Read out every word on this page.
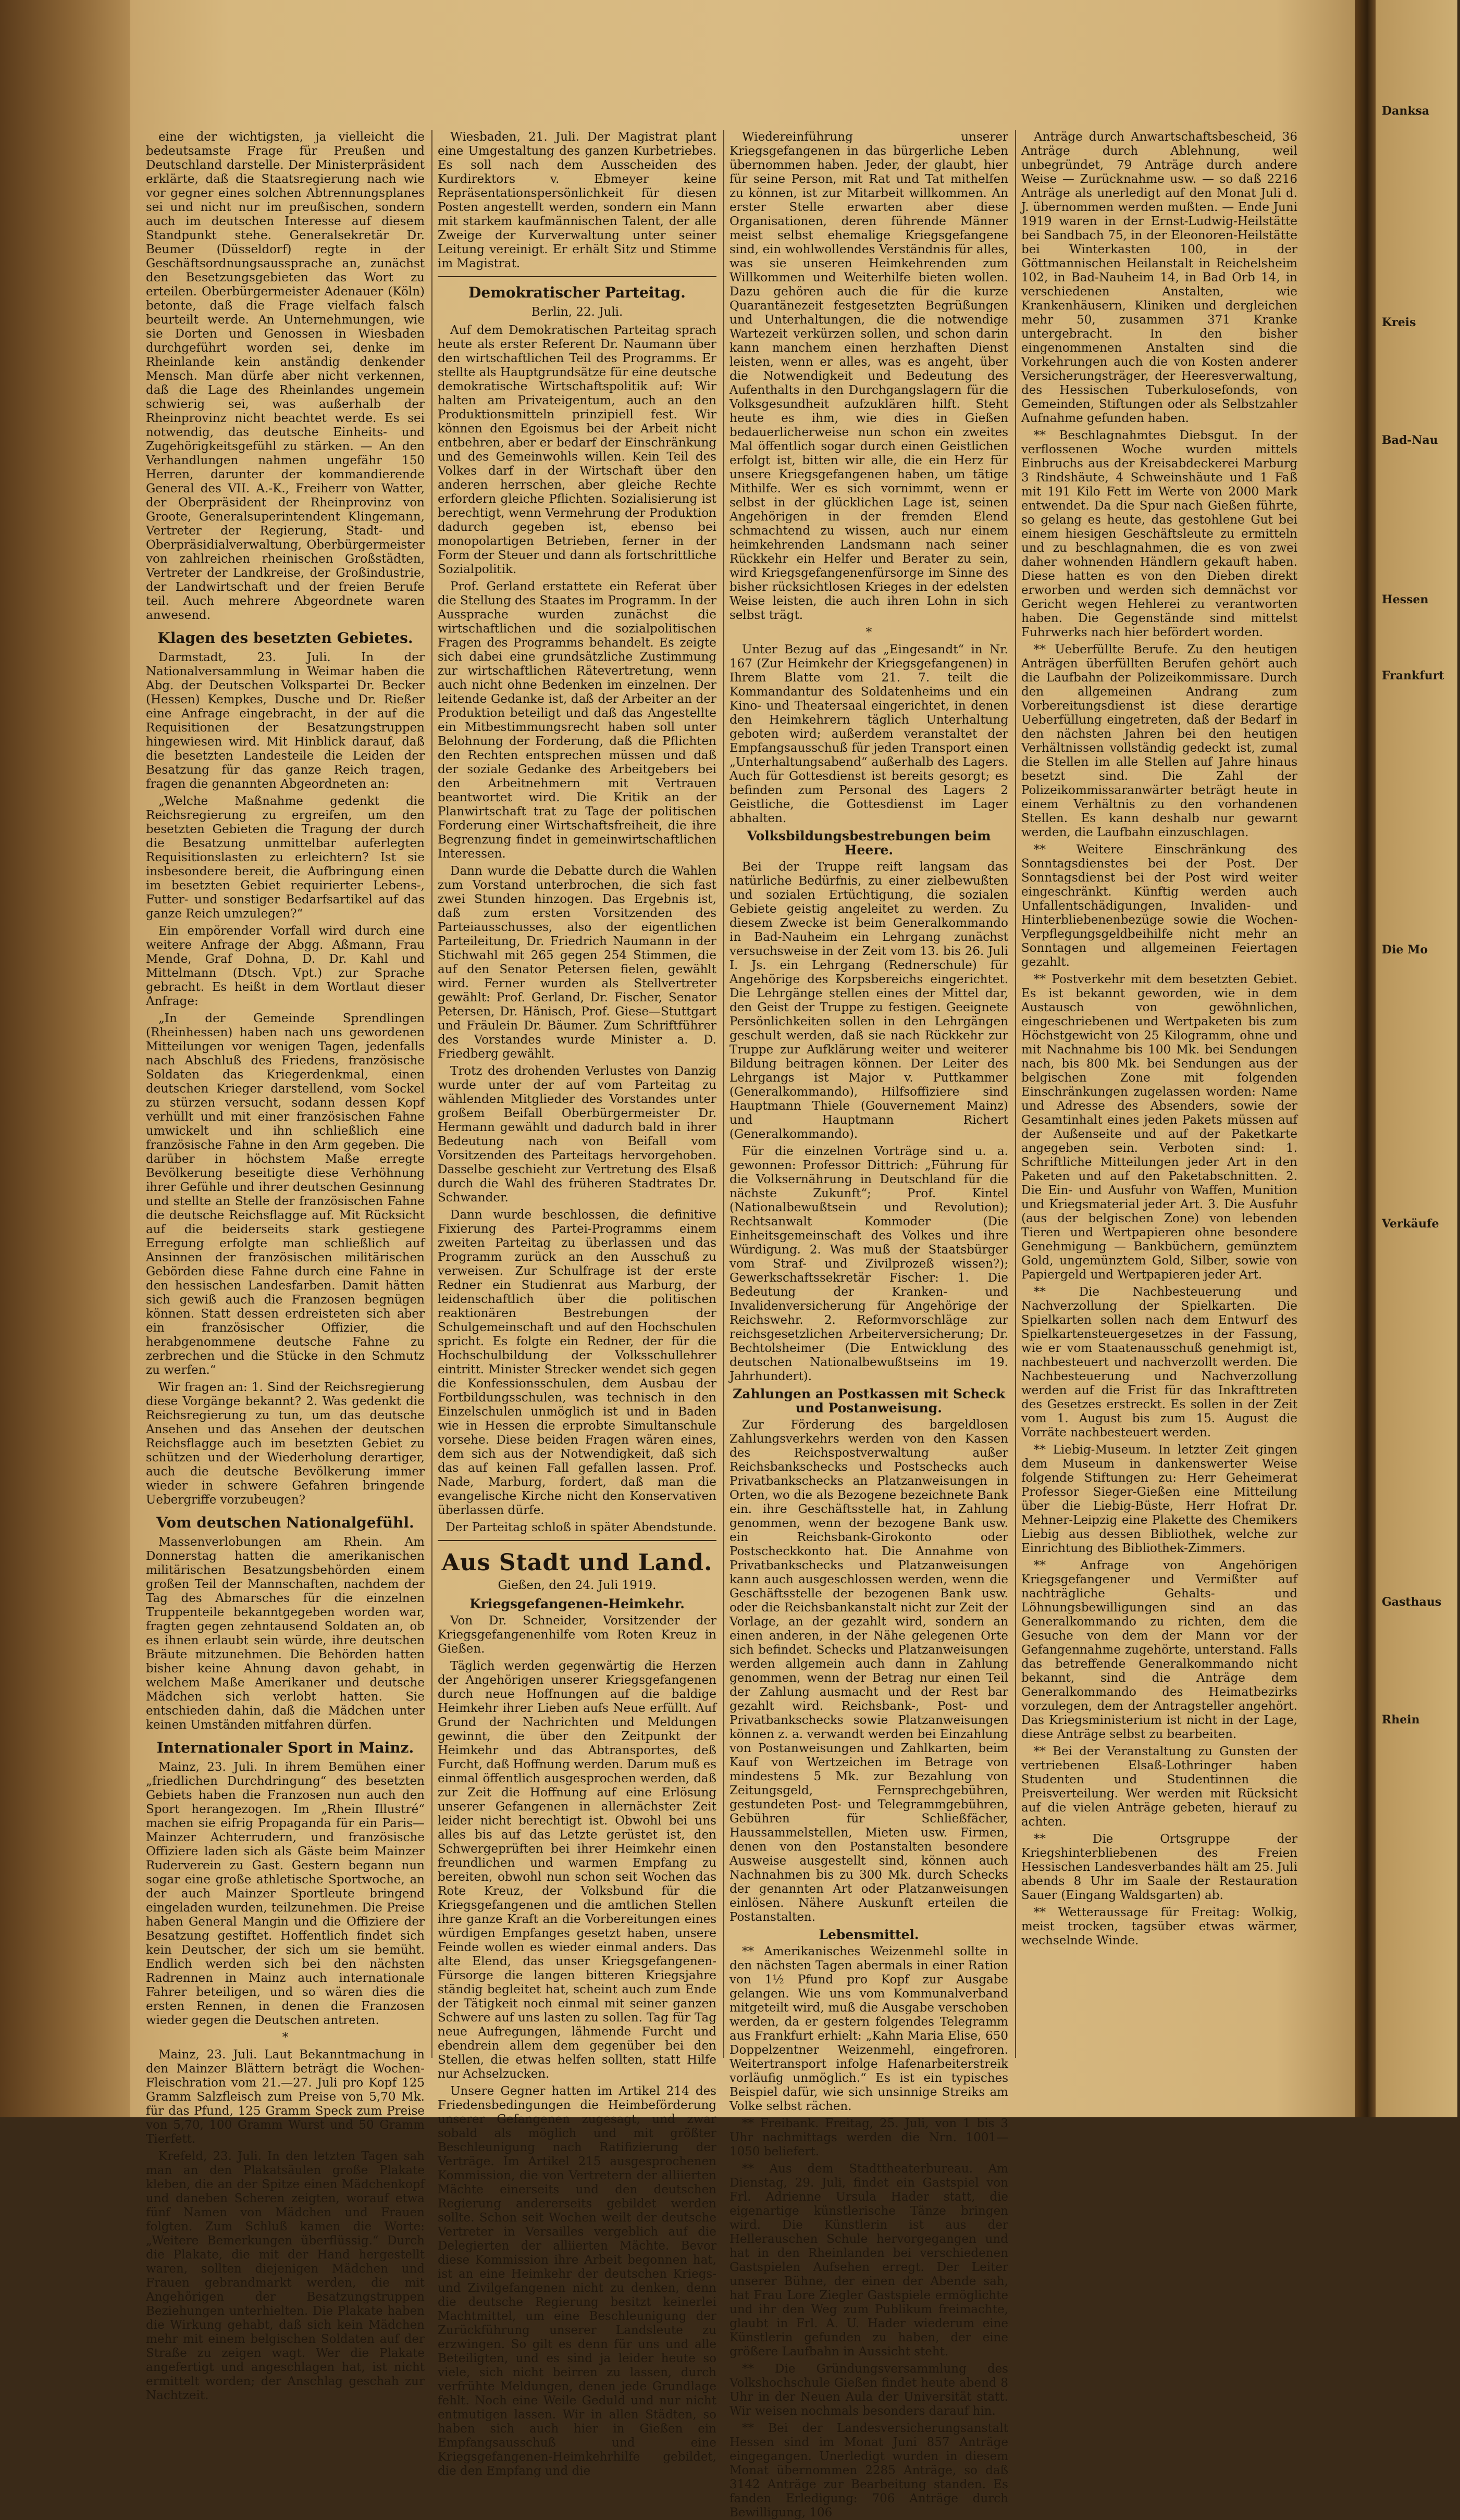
eine der wichtigsten, ja vielleicht die bedeutsamste Frage für Preußen und Deutschland darstelle. Der Ministerpräsident erklärte, daß die Staatsregierung nach wie vor gegner eines solchen Abtrennungsplanes sei und nicht nur im preußischen, sondern auch im deutschen Interesse auf diesem Standpunkt stehe. Generalsekretär Dr. Beumer (Düsseldorf) regte in der Geschäftsordnungsaussprache an, zunächst den Besetzungsgebieten das Wort zu erteilen. Oberbürgermeister Adenauer (Köln) betonte, daß die Frage vielfach falsch beurteilt werde. An Unternehmungen, wie sie Dorten und Genossen in Wiesbaden durchgeführt worden sei, denke im Rheinlande kein anständig denkender Mensch. Man dürfe aber nicht verkennen, daß die Lage des Rheinlandes ungemein schwierig sei, was außerhalb der Rheinprovinz nicht beachtet werde. Es sei notwendig, das deutsche Einheits- und Zugehörigkeitsgefühl zu stärken. — An den Verhandlungen nahmen ungefähr 150 Herren, darunter der kommandierende General des VII. A.-K., Freiherr von Watter, der Oberpräsident der Rheinprovinz von Groote, Generalsuperintendent Klingemann, Vertreter der Regierung, Stadt- und Oberpräsidialverwaltung, Oberbürgermeister von zahlreichen rheinischen Großstädten, Vertreter der Landkreise, der Großindustrie, der Landwirtschaft und der freien Berufe teil. Auch mehrere Abgeordnete waren anwesend.

Klagen des besetzten Gebietes.

Darmstadt, 23. Juli. In der Nationalversammlung in Weimar haben die Abg. der Deutschen Volkspartei Dr. Becker (Hessen) Kempkes, Dusche und Dr. Rießer eine Anfrage eingebracht, in der auf die Requisitionen der Besatzungstruppen hingewiesen wird. Mit Hinblick darauf, daß die besetzten Landesteile die Leiden der Besatzung für das ganze Reich tragen, fragen die genannten Abgeordneten an:

„Welche Maßnahme gedenkt die Reichsregierung zu ergreifen, um den besetzten Gebieten die Tragung der durch die Besatzung unmittelbar auferlegten Requisitionslasten zu erleichtern? Ist sie insbesondere bereit, die Aufbringung einen im besetzten Gebiet requirierter Lebens-, Futter- und sonstiger Bedarfsartikel auf das ganze Reich umzulegen?“

Ein empörender Vorfall wird durch eine weitere Anfrage der Abgg. Aßmann, Frau Mende, Graf Dohna, D. Dr. Kahl und Mittelmann (Dtsch. Vpt.) zur Sprache gebracht. Es heißt in dem Wortlaut dieser Anfrage:

„In der Gemeinde Sprendlingen (Rheinhessen) haben nach uns gewordenen Mitteilungen vor wenigen Tagen, jedenfalls nach Abschluß des Friedens, französische Soldaten das Kriegerdenkmal, einen deutschen Krieger darstellend, vom Sockel zu stürzen versucht, sodann dessen Kopf verhüllt und mit einer französischen Fahne umwickelt und ihn schließlich eine französische Fahne in den Arm gegeben. Die darüber in höchstem Maße erregte Bevölkerung beseitigte diese Verhöhnung ihrer Gefühle und ihrer deutschen Gesinnung und stellte an Stelle der französischen Fahne die deutsche Reichsflagge auf. Mit Rücksicht auf die beiderseits stark gestiegene Erregung erfolgte man schließlich auf Ansinnen der französischen militärischen Gebörden diese Fahne durch eine Fahne in den hessischen Landesfarben. Damit hätten sich gewiß auch die Franzosen begnügen können. Statt dessen erdreisteten sich aber ein französischer Offizier, die herabgenommene deutsche Fahne zu zerbrechen und die Stücke in den Schmutz zu werfen.“

Wir fragen an: 1. Sind der Reichsregierung diese Vorgänge bekannt? 2. Was gedenkt die Reichsregierung zu tun, um das deutsche Ansehen und das Ansehen der deutschen Reichsflagge auch im besetzten Gebiet zu schützen und der Wiederholung derartiger, auch die deutsche Bevölkerung immer wieder in schwere Gefahren bringende Uebergriffe vorzubeugen?

Vom deutschen Nationalgefühl.

Massenverlobungen am Rhein. Am Donnerstag hatten die amerikanischen militärischen Besatzungsbehörden einem großen Teil der Mannschaften, nachdem der Tag des Abmarsches für die einzelnen Truppenteile bekanntgegeben worden war, fragten gegen zehntausend Soldaten an, ob es ihnen erlaubt sein würde, ihre deutschen Bräute mitzunehmen. Die Behörden hatten bisher keine Ahnung davon gehabt, in welchem Maße Amerikaner und deutsche Mädchen sich verlobt hatten. Sie entschieden dahin, daß die Mädchen unter keinen Umständen mitfahren dürfen.

Internationaler Sport in Mainz.

Mainz, 23. Juli. In ihrem Bemühen einer „friedlichen Durchdringung“ des besetzten Gebiets haben die Franzosen nun auch den Sport herangezogen. Im „Rhein Illustré“ machen sie eifrig Propaganda für ein Paris—Mainzer Achterrudern, und französische Offiziere laden sich als Gäste beim Mainzer Ruderverein zu Gast. Gestern begann nun sogar eine große athletische Sportwoche, an der auch Mainzer Sportleute bringend eingeladen wurden, teilzunehmen. Die Preise haben General Mangin und die Offiziere der Besatzung gestiftet. Hoffentlich findet sich kein Deutscher, der sich um sie bemüht. Endlich werden sich bei den nächsten Radrennen in Mainz auch internationale Fahrer beteiligen, und so wären dies die ersten Rennen, in denen die Franzosen wieder gegen die Deutschen antreten.

*

Mainz, 23. Juli. Laut Bekanntmachung in den Mainzer Blättern beträgt die Wochen-Fleischration vom 21.—27. Juli pro Kopf 125 Gramm Salzfleisch zum Preise von 5,70 Mk. für das Pfund, 125 Gramm Speck zum Preise von 5,70, 100 Gramm Wurst und 50 Gramm Tierfett.

Krefeld, 23. Juli. In den letzten Tagen sah man an den Plakatsäulen große Plakate kleben, die an der Spitze einen Mädchenkopf und daneben Scheren zeigten, worauf etwa fünf Namen von Mädchen und Frauen folgten. Zum Schluß kamen die Worte: „Weitere Bemerkungen überflüssig.“ Durch die Plakate, die mit der Hand hergestellt waren, sollten diejenigen Mädchen und Frauen gebrandmarkt werden, die mit Angehörigen der Besatzungstruppen Beziehungen unterhielten. Die Plakate haben die Wirkung gehabt, daß sich kein Mädchen mehr mit einem belgischen Soldaten auf der Straße zu zeigen wagt. Wer die Plakate angefertigt und angeschlagen hat, ist nicht ermittelt worden; der Anschlag geschah zur Nachtzeit.

Wiesbaden, 21. Juli. Der Magistrat plant eine Umgestaltung des ganzen Kurbetriebes. Es soll nach dem Ausscheiden des Kurdirektors v. Ebmeyer keine Repräsentationspersönlichkeit für diesen Posten angestellt werden, sondern ein Mann mit starkem kaufmännischen Talent, der alle Zweige der Kurverwaltung unter seiner Leitung vereinigt. Er erhält Sitz und Stimme im Magistrat.

Demokratischer Parteitag.
Berlin, 22. Juli.

Auf dem Demokratischen Parteitag sprach heute als erster Referent Dr. Naumann über den wirtschaftlichen Teil des Programms. Er stellte als Hauptgrundsätze für eine deutsche demokratische Wirtschaftspolitik auf: Wir halten am Privateigentum, auch an den Produktionsmitteln prinzipiell fest. Wir können den Egoismus bei der Arbeit nicht entbehren, aber er bedarf der Einschränkung und des Gemeinwohls willen. Kein Teil des Volkes darf in der Wirtschaft über den anderen herrschen, aber gleiche Rechte erfordern gleiche Pflichten. Sozialisierung ist berechtigt, wenn Vermehrung der Produktion dadurch gegeben ist, ebenso bei monopolartigen Betrieben, ferner in der Form der Steuer und dann als fortschrittliche Sozialpolitik.

Prof. Gerland erstattete ein Referat über die Stellung des Staates im Programm. In der Aussprache wurden zunächst die wirtschaftlichen und die sozialpolitischen Fragen des Programms behandelt. Es zeigte sich dabei eine grundsätzliche Zustimmung zur wirtschaftlichen Rätevertretung, wenn auch nicht ohne Bedenken im einzelnen. Der leitende Gedanke ist, daß der Arbeiter an der Produktion beteiligt und daß das Angestellte ein Mitbestimmungsrecht haben soll unter Belohnung der Forderung, daß die Pflichten den Rechten entsprechen müssen und daß der soziale Gedanke des Arbeitgebers bei den Arbeitnehmern mit Vertrauen beantwortet wird. Die Kritik an der Planwirtschaft trat zu Tage der politischen Forderung einer Wirtschaftsfreiheit, die ihre Begrenzung findet in gemeinwirtschaftlichen Interessen.

Dann wurde die Debatte durch die Wahlen zum Vorstand unterbrochen, die sich fast zwei Stunden hinzogen. Das Ergebnis ist, daß zum ersten Vorsitzenden des Parteiausschusses, also der eigentlichen Parteileitung, Dr. Friedrich Naumann in der Stichwahl mit 265 gegen 254 Stimmen, die auf den Senator Petersen fielen, gewählt wird. Ferner wurden als Stellvertreter gewählt: Prof. Gerland, Dr. Fischer, Senator Petersen, Dr. Hänisch, Prof. Giese—Stuttgart und Fräulein Dr. Bäumer. Zum Schriftführer des Vorstandes wurde Minister a. D. Friedberg gewählt.

Trotz des drohenden Verlustes von Danzig wurde unter der auf vom Parteitag zu wählenden Mitglieder des Vorstandes unter großem Beifall Oberbürgermeister Dr. Hermann gewählt und dadurch bald in ihrer Bedeutung nach von Beifall vom Vorsitzenden des Parteitags hervorgehoben. Dasselbe geschieht zur Vertretung des Elsaß durch die Wahl des früheren Stadtrates Dr. Schwander.

Dann wurde beschlossen, die definitive Fixierung des Partei-Programms einem zweiten Parteitag zu überlassen und das Programm zurück an den Ausschuß zu verweisen. Zur Schulfrage ist der erste Redner ein Studienrat aus Marburg, der leidenschaftlich über die politischen reaktionären Bestrebungen der Schulgemeinschaft und auf den Hochschulen spricht. Es folgte ein Redner, der für die Hochschulbildung der Volksschullehrer eintritt. Minister Strecker wendet sich gegen die Konfessionsschulen, dem Ausbau der Fortbildungsschulen, was technisch in den Einzelschulen unmöglich ist und in Baden wie in Hessen die erprobte Simultanschule vorsehe. Diese beiden Fragen wären eines, dem sich aus der Notwendigkeit, daß sich das auf keinen Fall gefallen lassen. Prof. Nade, Marburg, fordert, daß man die evangelische Kirche nicht den Konservativen überlassen dürfe.

Der Parteitag schloß in später Abendstunde.
Aus Stadt und Land.
Gießen, den 24. Juli 1919.
Kriegsgefangenen-Heimkehr.

Von Dr. Schneider, Vorsitzender der Kriegsgefangenenhilfe vom Roten Kreuz in Gießen.

Täglich werden gegenwärtig die Herzen der Angehörigen unserer Kriegsgefangenen durch neue Hoffnungen auf die baldige Heimkehr ihrer Lieben aufs Neue erfüllt. Auf Grund der Nachrichten und Meldungen gewinnt, die über den Zeitpunkt der Heimkehr und das Abtransportes, deß Furcht, daß Hoffnung werden. Darum muß es einmal öffentlich ausgesprochen werden, daß zur Zeit die Hoffnung auf eine Erlösung unserer Gefangenen in allernächster Zeit leider nicht berechtigt ist. Obwohl bei uns alles bis auf das Letzte gerüstet ist, den Schwergeprüften bei ihrer Heimkehr einen freundlichen und warmen Empfang zu bereiten, obwohl nun schon seit Wochen das Rote Kreuz, der Volksbund für die Kriegsgefangenen und die amtlichen Stellen ihre ganze Kraft an die Vorbereitungen eines würdigen Empfanges gesetzt haben, unsere Feinde wollen es wieder einmal anders. Das alte Elend, das unser Kriegsgefangenen-Fürsorge die langen bitteren Kriegsjahre ständig begleitet hat, scheint auch zum Ende der Tätigkeit noch einmal mit seiner ganzen Schwere auf uns lasten zu sollen. Tag für Tag neue Aufregungen, lähmende Furcht und ebendrein allem dem gegenüber bei den Stellen, die etwas helfen sollten, statt Hilfe nur Achselzucken.

Unsere Gegner hatten im Artikel 214 des Friedensbedingungen die Heimbeförderung unserer Gefangenen zugesagt, und zwar sobald als möglich und mit größter Beschleunigung nach Ratifizierung der Verträge. Im Artikel 215 ausgesprochenen Kommission, die von Vertretern der alliierten Mächte einerseits und den deutschen Regierung andererseits gebildet werden sollte. Schon seit Wochen weilt der deutsche Vertreter in Versailles vergeblich auf die Delegierten der alliierten Mächte. Bevor diese Kommission ihre Arbeit begonnen hat, ist an eine Heimkehr der deutschen Kriegs- und Zivilgefangenen nicht zu denken, denn die deutsche Regierung besitzt keinerlei Machtmittel, um eine Beschleunigung der Zurückführung unserer Landsleute zu erzwingen. So gilt es denn für uns und alle Beteiligten, und es sind ja leider heute so viele, sich nicht beirren zu lassen, durch verfrühte Meldungen, denen jede Grundlage fehlt. Noch eine Weile Geduld und nur nicht entmutigen lassen. Wir in allen Städten, so haben sich auch hier in Gießen ein Empfangsausschuß und eine Kriegsgefangenen-Heimkehrhilfe gebildet, die den Empfang und die

Wiedereinführung unserer Kriegsgefangenen in das bürgerliche Leben übernommen haben. Jeder, der glaubt, hier für seine Person, mit Rat und Tat mithelfen zu können, ist zur Mitarbeit willkommen. An erster Stelle erwarten aber diese Organisationen, deren führende Männer meist selbst ehemalige Kriegsgefangene sind, ein wohlwollendes Verständnis für alles, was sie unseren Heimkehrenden zum Willkommen und Weiterhilfe bieten wollen. Dazu gehören auch die für die kurze Quarantänezeit festgesetzten Begrüßungen und Unterhaltungen, die die notwendige Wartezeit verkürzen sollen, und schon darin kann manchem einen herzhaften Dienst leisten, wenn er alles, was es angeht, über die Notwendigkeit und Bedeutung des Aufenthalts in den Durchgangslagern für die Volksgesundheit aufzuklären hilft. Steht heute es ihm, wie dies in Gießen bedauerlicherweise nun schon ein zweites Mal öffentlich sogar durch einen Geistlichen erfolgt ist, bitten wir alle, die ein Herz für unsere Kriegsgefangenen haben, um tätige Mithilfe. Wer es sich vornimmt, wenn er selbst in der glücklichen Lage ist, seinen Angehörigen in der fremden Elend schmachtend zu wissen, auch nur einem heimkehrenden Landsmann nach seiner Rückkehr ein Helfer und Berater zu sein, wird Kriegsgefangenenfürsorge im Sinne des bisher rücksichtlosen Krieges in der edelsten Weise leisten, die auch ihren Lohn in sich selbst trägt.

*

Unter Bezug auf das „Eingesandt“ in Nr. 167 (Zur Heimkehr der Kriegsgefangenen) in Ihrem Blatte vom 21. 7. teilt die Kommandantur des Soldatenheims und ein Kino- und Theatersaal eingerichtet, in denen den Heimkehrern täglich Unterhaltung geboten wird; außerdem veranstaltet der Empfangsausschuß für jeden Transport einen „Unterhaltungsabend“ außerhalb des Lagers. Auch für Gottesdienst ist bereits gesorgt; es befinden zum Personal des Lagers 2 Geistliche, die Gottesdienst im Lager abhalten.

Volksbildungsbestrebungen beim Heere.

Bei der Truppe reift langsam das natürliche Bedürfnis, zu einer zielbewußten und sozialen Ertüchtigung, die sozialen Gebiete geistig angeleitet zu werden. Zu diesem Zwecke ist beim Generalkommando in Bad-Nauheim ein Lehrgang zunächst versuchsweise in der Zeit vom 13. bis 26. Juli I. Js. ein Lehrgang (Rednerschule) für Angehörige des Korpsbereichs eingerichtet. Die Lehrgänge stellen eines der Mittel dar, den Geist der Truppe zu festigen. Geeignete Persönlichkeiten sollen in den Lehrgängen geschult werden, daß sie nach Rückkehr zur Truppe zur Aufklärung weiter und weiterer Bildung beitragen können. Der Leiter des Lehrgangs ist Major v. Puttkammer (Generalkommando), Hilfsoffiziere sind Hauptmann Thiele (Gouvernement Mainz) und Hauptmann Richert (Generalkommando).

Für die einzelnen Vorträge sind u. a. gewonnen: Professor Dittrich: „Führung für die Volksernährung in Deutschland für die nächste Zukunft“; Prof. Kintel (Nationalbewußtsein und Revolution); Rechtsanwalt Kommoder (Die Einheitsgemeinschaft des Volkes und ihre Würdigung. 2. Was muß der Staatsbürger vom Straf- und Zivilprozeß wissen?); Gewerkschaftssekretär Fischer: 1. Die Bedeutung der Kranken- und Invalidenversicherung für Angehörige der Reichswehr. 2. Reformvorschläge zur reichsgesetzlichen Arbeiterversicherung; Dr. Bechtolsheimer (Die Entwicklung des deutschen Nationalbewußtseins im 19. Jahrhundert).

Zahlungen an Postkassen mit Scheck und Postanweisung.

Zur Förderung des bargeldlosen Zahlungsverkehrs werden von den Kassen des Reichspostverwaltung außer Reichsbankschecks und Postschecks auch Privatbankschecks an Platzanweisungen in Orten, wo die als Bezogene bezeichnete Bank ein. ihre Geschäftsstelle hat, in Zahlung genommen, wenn der bezogene Bank usw. ein Reichsbank-Girokonto oder Postscheckkonto hat. Die Annahme von Privatbankschecks und Platzanweisungen kann auch ausgeschlossen werden, wenn die Geschäftsstelle der bezogenen Bank usw. oder die Reichsbankanstalt nicht zur Zeit der Vorlage, an der gezahlt wird, sondern an einen anderen, in der Nähe gelegenen Orte sich befindet. Schecks und Platzanweisungen werden allgemein auch dann in Zahlung genommen, wenn der Betrag nur einen Teil der Zahlung ausmacht und der Rest bar gezahlt wird. Reichsbank-, Post- und Privatbankschecks sowie Platzanweisungen können z. a. verwandt werden bei Einzahlung von Postanweisungen und Zahlkarten, beim Kauf von Wertzeichen im Betrage von mindestens 5 Mk. zur Bezahlung von Zeitungsgeld, Fernsprechgebühren, gestundeten Post- und Telegrammgebühren, Gebühren für Schließfächer, Haussammelstellen, Mieten usw. Firmen, denen von den Postanstalten besondere Ausweise ausgestellt sind, können auch Nachnahmen bis zu 300 Mk. durch Schecks der genannten Art oder Platzanweisungen einlösen. Nähere Auskunft erteilen die Postanstalten.

Lebensmittel.

** Amerikanisches Weizenmehl sollte in den nächsten Tagen abermals in einer Ration von 1½ Pfund pro Kopf zur Ausgabe gelangen. Wie uns vom Kommunalverband mitgeteilt wird, muß die Ausgabe verschoben werden, da er gestern folgendes Telegramm aus Frankfurt erhielt: „Kahn Maria Elise, 650 Doppelzentner Weizenmehl, eingefroren. Weitertransport infolge Hafenarbeiterstreik vorläufig unmöglich.“ Es ist ein typisches Beispiel dafür, wie sich unsinnige Streiks am Volke selbst rächen.

** Freibank. Freitag, 25. Juli, von 1 bis 3 Uhr nachmittags werden die Nrn. 1001—1050 beliefert.

** Aus dem Stadttheaterbureau. Am Dienstag, 29. Juli, findet ein Gastspiel von Frl. Adrienne Ursula Hader statt, die eigenartige künstlerische Tänze bringen wird. Die Künstlerin ist aus der Hellerauschen Schule hervorgegangen und hat in den Rheinlanden bei verschiedenen Gastspielen Aufsehen erregt. Der Leiter unserer Bühne, der einen der Abende sah, hat Frau Lore Ziegler Gastspiele ermöglichte und ihr den Weg zum Publikum freimachte, glaubt in Frl. A. U. Hader wiederum eine Künstlerin gefunden zu haben, der eine größere Laufbahn in Aussicht steht.

** Die Gründungsversammlung des Volkshochschule Gießen findet heute abend 8 Uhr in der Neuen Aula der Universität statt. Wir weisen nochmals besonders darauf hin.

** Bei der Landesversicherungsanstalt Hessen sind im Monat Juni 857 Anträge eingegangen. Unerledigt wurden in diesem Monat übernommen 2285 Anträge, so daß 3142 Anträge zur Bearbeitung standen. Es fanden Erledigung: 706 Anträge durch Bewilligung, 106

Anträge durch Anwartschaftsbescheid, 36 Anträge durch Ablehnung, weil unbegründet, 79 Anträge durch andere Weise — Zurücknahme usw. — so daß 2216 Anträge als unerledigt auf den Monat Juli d. J. übernommen werden mußten. — Ende Juni 1919 waren in der Ernst-Ludwig-Heilstätte bei Sandbach 75, in der Eleonoren-Heilstätte bei Winterkasten 100, in der Göttmannischen Heilanstalt in Reichelsheim 102, in Bad-Nauheim 14, in Bad Orb 14, in verschiedenen Anstalten, wie Krankenhäusern, Kliniken und dergleichen mehr 50, zusammen 371 Kranke untergebracht. In den bisher eingenommenen Anstalten sind die Vorkehrungen auch die von Kosten anderer Versicherungsträger, der Heeresverwaltung, des Hessischen Tuberkulosefonds, von Gemeinden, Stiftungen oder als Selbstzahler Aufnahme gefunden haben.

** Beschlagnahmtes Diebsgut. In der verflossenen Woche wurden mittels Einbruchs aus der Kreisabdeckerei Marburg 3 Rindshäute, 4 Schweinshäute und 1 Faß mit 191 Kilo Fett im Werte von 2000 Mark entwendet. Da die Spur nach Gießen führte, so gelang es heute, das gestohlene Gut bei einem hiesigen Geschäftsleute zu ermitteln und zu beschlagnahmen, die es von zwei daher wohnenden Händlern gekauft haben. Diese hatten es von den Dieben direkt erworben und werden sich demnächst vor Gericht wegen Hehlerei zu verantworten haben. Die Gegenstände sind mittelst Fuhrwerks nach hier befördert worden.

** Ueberfüllte Berufe. Zu den heutigen Anträgen überfüllten Berufen gehört auch die Laufbahn der Polizeikommissare. Durch den allgemeinen Andrang zum Vorbereitungsdienst ist diese derartige Ueberfüllung eingetreten, daß der Bedarf in den nächsten Jahren bei den heutigen Verhältnissen vollständig gedeckt ist, zumal die Stellen im alle Stellen auf Jahre hinaus besetzt sind. Die Zahl der Polizeikommissaranwärter beträgt heute in einem Verhältnis zu den vorhandenen Stellen. Es kann deshalb nur gewarnt werden, die Laufbahn einzuschlagen.

** Weitere Einschränkung des Sonntagsdienstes bei der Post. Der Sonntagsdienst bei der Post wird weiter eingeschränkt. Künftig werden auch Unfallentschädigungen, Invaliden- und Hinterbliebenenbezüge sowie die Wochen-Verpflegungsgeldbeihilfe nicht mehr an Sonntagen und allgemeinen Feiertagen gezahlt.

** Postverkehr mit dem besetzten Gebiet. Es ist bekannt geworden, wie in dem Austausch von gewöhnlichen, eingeschriebenen und Wertpaketen bis zum Höchstgewicht von 25 Kilogramm, ohne und mit Nachnahme bis 100 Mk. bei Sendungen nach, bis 800 Mk. bei Sendungen aus der belgischen Zone mit folgenden Einschränkungen zugelassen worden: Name und Adresse des Absenders, sowie der Gesamtinhalt eines jeden Pakets müssen auf der Außenseite und auf der Paketkarte angegeben sein. Verboten sind: 1. Schriftliche Mitteilungen jeder Art in den Paketen und auf den Paketabschnitten. 2. Die Ein- und Ausfuhr von Waffen, Munition und Kriegsmaterial jeder Art. 3. Die Ausfuhr (aus der belgischen Zone) von lebenden Tieren und Wertpapieren ohne besondere Genehmigung — Bankbüchern, gemünztem Gold, ungemünztem Gold, Silber, sowie von Papiergeld und Wertpapieren jeder Art.

** Die Nachbesteuerung und Nachverzollung der Spielkarten. Die Spielkarten sollen nach dem Entwurf des Spielkartensteuergesetzes in der Fassung, wie er vom Staatenausschuß genehmigt ist, nachbesteuert und nachverzollt werden. Die Nachbesteuerung und Nachverzollung werden auf die Frist für das Inkrafttreten des Gesetzes erstreckt. Es sollen in der Zeit vom 1. August bis zum 15. August die Vorräte nachbesteuert werden.

** Liebig-Museum. In letzter Zeit gingen dem Museum in dankenswerter Weise folgende Stiftungen zu: Herr Geheimerat Professor Sieger-Gießen eine Mitteilung über die Liebig-Büste, Herr Hofrat Dr. Mehner-Leipzig eine Plakette des Chemikers Liebig aus dessen Bibliothek, welche zur Einrichtung des Bibliothek-Zimmers.

** Anfrage von Angehörigen Kriegsgefangener und Vermißter auf nachträgliche Gehalts- und Löhnungsbewilligungen sind an das Generalkommando zu richten, dem die Gesuche von dem der Mann vor der Gefangennahme zugehörte, unterstand. Falls das betreffende Generalkommando nicht bekannt, sind die Anträge dem Generalkommando des Heimatbezirks vorzulegen, dem der Antragsteller angehört. Das Kriegsministerium ist nicht in der Lage, diese Anträge selbst zu bearbeiten.

** Bei der Veranstaltung zu Gunsten der vertriebenen Elsaß-Lothringer haben Studenten und Studentinnen die Preisverteilung. Wer werden mit Rücksicht auf die vielen Anträge gebeten, hierauf zu achten.

** Die Ortsgruppe der Kriegshinterbliebenen des Freien Hessischen Landesverbandes hält am 25. Juli abends 8 Uhr im Saale der Restauration Sauer (Eingang Waldsgarten) ab.

** Wetteraussage für Freitag: Wolkig, meist trocken, tagsüber etwas wärmer, wechselnde Winde.

Danksa
Kreis
Bad-Nau
Hessen
Frankfurt
Die Mo
Verkäufe
Gasthaus
Rhein
